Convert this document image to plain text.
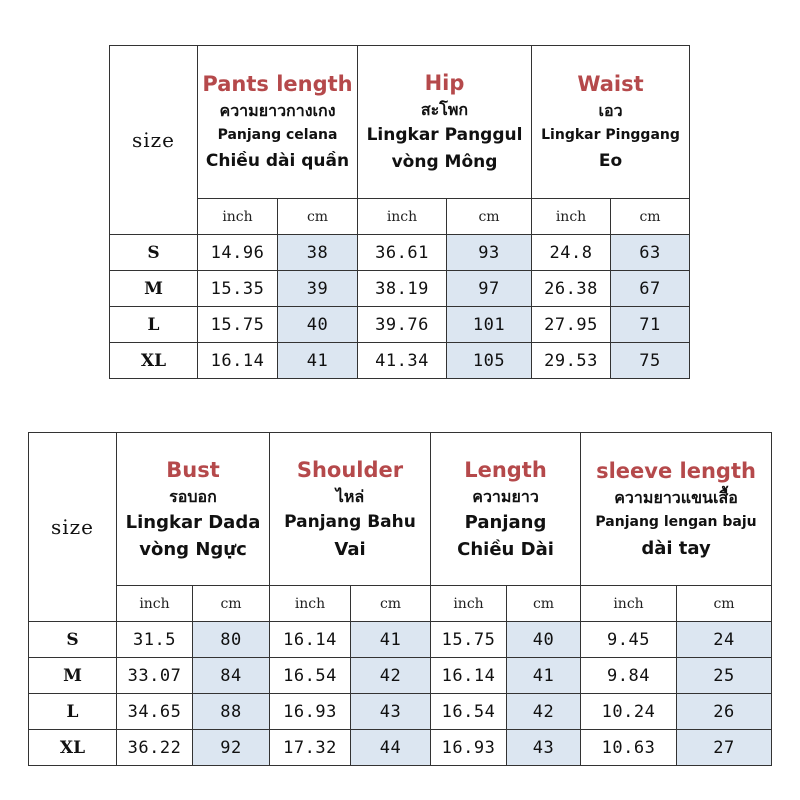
size	Pants length
ความยาวกางเกง
Panjang celana
Chiều dài quần		Hip
สะโพก
Lingkar Panggul
vòng Mông		Waist
เอว
Lingkar Pinggang
Eo	

	inch	cm	inch	cm	inch	cm
S	14.96	38	36.61	93	24.8	63
M	15.35	39	38.19	97	26.38	67
L	15.75	40	39.76	101	27.95	71
XL	16.14	41	41.34	105	29.53	75
size	Bust
รอบอก
Lingkar Dada
vòng Ngực		Shoulder
ไหล่
Panjang Bahu
Vai		Length
ความยาว
Panjang
Chiều Dài		sleeve length
ความยาวแขนเสื้อ
Panjang lengan baju
dài tay	

	inch	cm	inch	cm	inch	cm	inch	cm
S	31.5	80	16.14	41	15.75	40	9.45	24
M	33.07	84	16.54	42	16.14	41	9.84	25
L	34.65	88	16.93	43	16.54	42	10.24	26
XL	36.22	92	17.32	44	16.93	43	10.63	27
